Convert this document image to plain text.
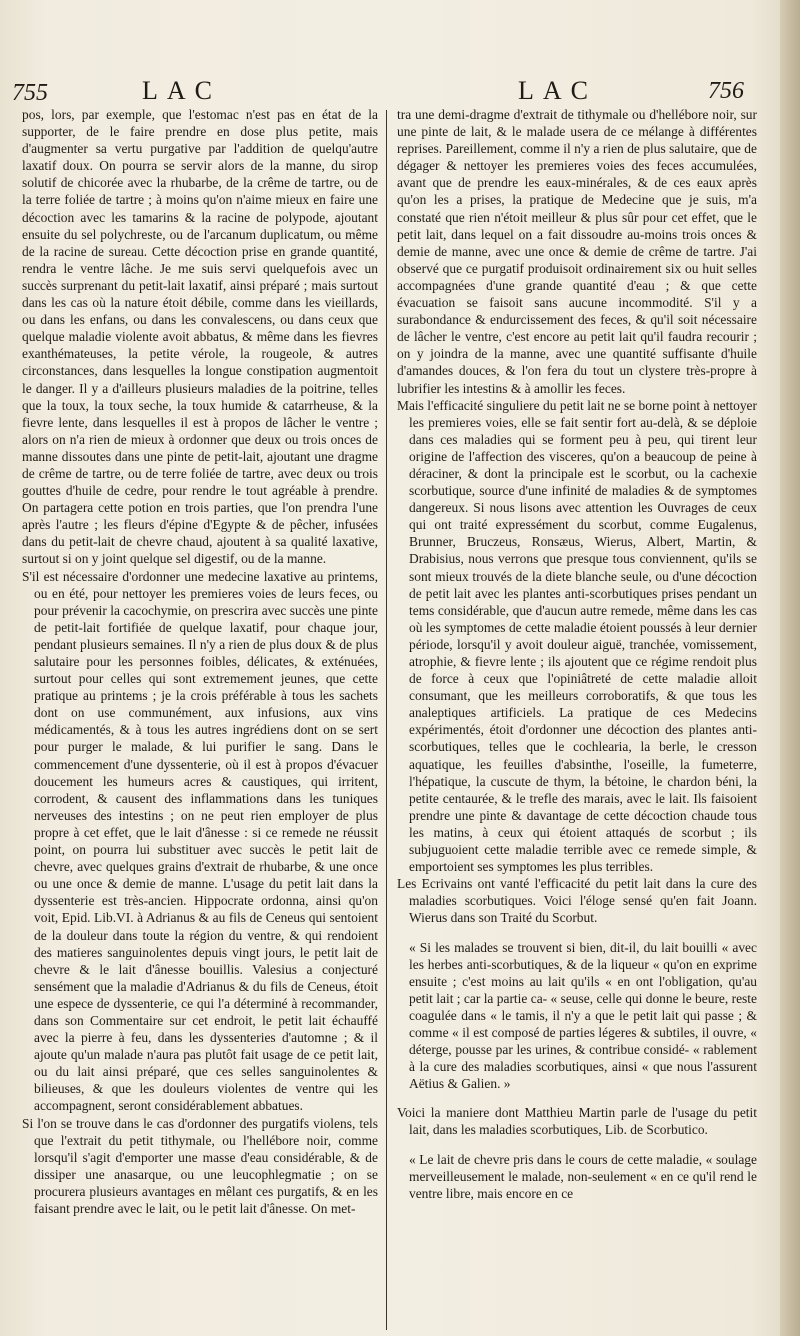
755	LAC	LAC	756

pos, lors, par exemple, que l'estomac n'est pas en état de la supporter, de le faire prendre en dose plus petite, mais d'augmenter sa vertu purgative par l'addition de quelqu'autre laxatif doux. On pourra se servir alors de la manne, du sirop solutif de chicorée avec la rhubarbe, de la crême de tartre, ou de la terre foliée de tartre ; à moins qu'on n'aime mieux en faire une décoction avec les tamarins & la racine de polypode, ajoutant ensuite du sel polychreste, ou de l'arcanum duplicatum, ou même de la racine de sureau. Cette décoction prise en grande quantité, rendra le ventre lâche. Je me suis servi quelquefois avec un succès surprenant du petit-lait laxatif, ainsi préparé ; mais surtout dans les cas où la nature étoit débile, comme dans les vieillards, ou dans les enfans, ou dans les convalescens, ou dans ceux que quelque maladie violente avoit abbatus, & même dans les fievres exanthémateuses, la petite vérole, la rougeole, & autres circonstances, dans lesquelles la longue constipation augmentoit le danger. Il y a d'ailleurs plusieurs maladies de la poitrine, telles que la toux, la toux seche, la toux humide & catarrheuse, & la fievre lente, dans lesquelles il est à propos de lâcher le ventre ; alors on n'a rien de mieux à ordonner que deux ou trois onces de manne dissoutes dans une pinte de petit-lait, ajoutant une dragme de crême de tartre, ou de terre foliée de tartre, avec deux ou trois gouttes d'huile de cedre, pour rendre le tout agréable à prendre. On partagera cette potion en trois parties, que l'on prendra l'une après l'autre ; les fleurs d'épine d'Egypte & de pêcher, infusées dans du petit-lait de chevre chaud, ajoutent à sa qualité laxative, surtout si on y joint quelque sel digestif, ou de la manne.

S'il est nécessaire d'ordonner une medecine laxative au printems, ou en été, pour nettoyer les premieres voies de leurs feces, ou pour prévenir la cacochymie, on prescrira avec succès une pinte de petit-lait fortifiée de quelque laxatif, pour chaque jour, pendant plusieurs semaines. Il n'y a rien de plus doux & de plus salutaire pour les personnes foibles, délicates, & exténuées, surtout pour celles qui sont extremement jeunes, que cette pratique au printems ; je la crois préférable à tous les sachets dont on use communément, aux infusions, aux vins médicamentés, & à tous les autres ingrédiens dont on se sert pour purger le malade, & lui purifier le sang. Dans le commencement d'une dyssenterie, où il est à propos d'évacuer doucement les humeurs acres & caustiques, qui irritent, corrodent, & causent des inflammations dans les tuniques nerveuses des intestins ; on ne peut rien employer de plus propre à cet effet, que le lait d'ânesse : si ce remede ne réussit point, on pourra lui substituer avec succès le petit lait de chevre, avec quelques grains d'extrait de rhubarbe, & une once ou une once & demie de manne. L'usage du petit lait dans la dyssenterie est très-ancien. Hippocrate ordonna, ainsi qu'on voit, Epid. Lib.VI. à Adrianus & au fils de Ceneus qui sentoient de la douleur dans toute la région du ventre, & qui rendoient des matieres sanguinolentes depuis vingt jours, le petit lait de chevre & le lait d'ânesse bouillis. Valesius a conjecturé sensément que la maladie d'Adrianus & du fils de Ceneus, étoit une espece de dyssenterie, ce qui l'a déterminé à recommander, dans son Commentaire sur cet endroit, le petit lait échauffé avec la pierre à feu, dans les dyssenteries d'automne ; & il ajoute qu'un malade n'aura pas plutôt fait usage de ce petit lait, ou du lait ainsi préparé, que ces selles sanguinolentes & bilieuses, & que les douleurs violentes de ventre qui les accompagnent, seront considérablement abbatues.

Si l'on se trouve dans le cas d'ordonner des purgatifs violens, tels que l'extrait du petit tithymale, ou l'hellébore noir, comme lorsqu'il s'agit d'emporter une masse d'eau considérable, & de dissiper une anasarque, ou une leucophlegmatie ; on se procurera plusieurs avantages en mêlant ces purgatifs, & en les faisant prendre avec le lait, ou le petit lait d'ânesse. On met-

tra une demi-dragme d'extrait de tithymale ou d'hellébore noir, sur une pinte de lait, & le malade usera de ce mélange à différentes reprises. Pareillement, comme il n'y a rien de plus salutaire, que de dégager & nettoyer les premieres voies des feces accumulées, avant que de prendre les eaux-minérales, & de ces eaux après qu'on les a prises, la pratique de Medecine que je suis, m'a constaté que rien n'étoit meilleur & plus sûr pour cet effet, que le petit lait, dans lequel on a fait dissoudre au-moins trois onces & demie de manne, avec une once & demie de crême de tartre. J'ai observé que ce purgatif produisoit ordinairement six ou huit selles accompagnées d'une grande quantité d'eau ; & que cette évacuation se faisoit sans aucune incommodité. S'il y a surabondance & endurcissement des feces, & qu'il soit nécessaire de lâcher le ventre, c'est encore au petit lait qu'il faudra recourir ; on y joindra de la manne, avec une quantité suffisante d'huile d'amandes douces, & l'on fera du tout un clystere très-propre à lubrifier les intestins & à amollir les feces.

Mais l'efficacité singuliere du petit lait ne se borne point à nettoyer les premieres voies, elle se fait sentir fort au-delà, & se déploie dans ces maladies qui se forment peu à peu, qui tirent leur origine de l'affection des visceres, qu'on a beaucoup de peine à déraciner, & dont la principale est le scorbut, ou la cachexie scorbutique, source d'une infinité de maladies & de symptomes dangereux. Si nous lisons avec attention les Ouvrages de ceux qui ont traité expressément du scorbut, comme Eugalenus, Brunner, Bruczeus, Ronsæus, Wierus, Albert, Martin, & Drabisius, nous verrons que presque tous conviennent, qu'ils se sont mieux trouvés de la diete blanche seule, ou d'une décoction de petit lait avec les plantes anti-scorbutiques prises pendant un tems considérable, que d'aucun autre remede, même dans les cas où les symptomes de cette maladie étoient poussés à leur dernier période, lorsqu'il y avoit douleur aiguë, tranchée, vomissement, atrophie, & fievre lente ; ils ajoutent que ce régime rendoit plus de force à ceux que l'opiniâtreté de cette maladie alloit consumant, que les meilleurs corroboratifs, & que tous les analeptiques artificiels. La pratique de ces Medecins expérimentés, étoit d'ordonner une décoction des plantes anti-scorbutiques, telles que le cochlearia, la berle, le cresson aquatique, les feuilles d'absinthe, l'oseille, la fumeterre, l'hépatique, la cuscute de thym, la bétoine, le chardon béni, la petite centaurée, & le trefle des marais, avec le lait. Ils faisoient prendre une pinte & davantage de cette décoction chaude tous les matins, à ceux qui étoient attaqués de scorbut ; ils subjuguoient cette maladie terrible avec ce remede simple, & emportoient ses symptomes les plus terribles.

Les Ecrivains ont vanté l'efficacité du petit lait dans la cure des maladies scorbutiques. Voici l'éloge sensé qu'en fait Joann. Wierus dans son Traité du Scorbut.

« Si les malades se trouvent si bien, dit-il, du lait bouilli « avec les herbes anti-scorbutiques, & de la liqueur « qu'on en exprime ensuite ; c'est moins au lait qu'ils « en ont l'obligation, qu'au petit lait ; car la partie ca- « seuse, celle qui donne le beure, reste coagulée dans « le tamis, il n'y a que le petit lait qui passe ; & comme « il est composé de parties légeres & subtiles, il ouvre, « déterge, pousse par les urines, & contribue considé- « rablement à la cure des maladies scorbutiques, ainsi « que nous l'assurent Aëtius & Galien. »

Voici la maniere dont Matthieu Martin parle de l'usage du petit lait, dans les maladies scorbutiques, Lib. de Scorbutico.

« Le lait de chevre pris dans le cours de cette maladie, « soulage merveilleusement le malade, non-seulement « en ce qu'il rend le ventre libre, mais encore en ce
